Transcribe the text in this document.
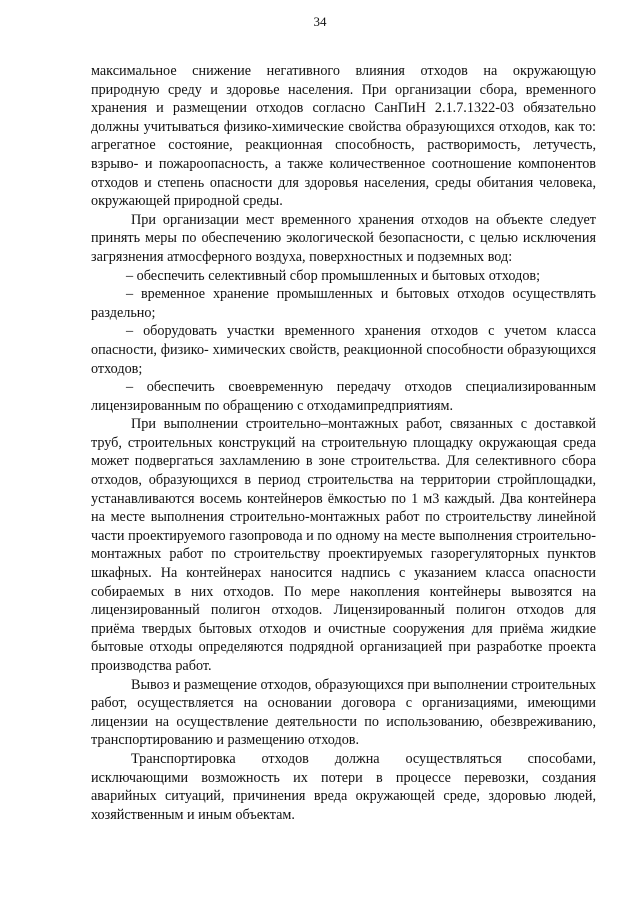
34

максимальное снижение негативного влияния отходов на окружающую природную среду и здоровье населения. При организации сбора, временного хранения и размещении отходов согласно СанПиН 2.1.7.1322-03 обязательно должны учитываться физико-химические свойства образующихся отходов, как то: агрегатное состояние, реакционная способность, растворимость, летучесть, взрыво- и пожароопасность, а также количественное соотношение компонентов отходов и степень опасности для здоровья населения, среды обитания человека, окружающей природной среды.

При организации мест временного хранения отходов на объекте следует принять меры по обеспечению экологической безопасности, с целью исключения загрязнения атмосферного воздуха, поверхностных и подземных вод:

– обеспечить селективный сбор промышленных и бытовых отходов;

– временное хранение промышленных и бытовых отходов осуществлять раздельно;

– оборудовать участки временного хранения отходов с учетом класса опасности, физико- химических свойств, реакционной способности образующихся отходов;

– обеспечить своевременную передачу отходов специализированным лицензированным по обращению с отходамипредприятиям.

При выполнении строительно–монтажных работ, связанных с доставкой труб, строительных конструкций на строительную площадку окружающая среда может подвергаться захламлению в зоне строительства. Для селективного сбора отходов, образующихся в период строительства на территории стройплощадки, устанавливаются восемь контейнеров ёмкостью по 1 м3 каждый. Два контейнера на месте выполнения строительно-монтажных работ по строительству линейной части проектируемого газопровода и по одному на месте выполнения строительно-монтажных работ по строительству проектируемых газорегуляторных пунктов шкафных. На контейнерах наносится надпись с указанием класса опасности собираемых в них отходов. По мере накопления контейнеры вывозятся на лицензированный полигон отходов. Лицензированный полигон отходов для приёма твердых бытовых отходов и очистные сооружения для приёма жидкие бытовые отходы определяются подрядной организацией при разработке проекта производства работ.

Вывоз и размещение отходов, образующихся при выполнении строительных работ, осуществляется на основании договора с организациями, имеющими лицензии на осуществление деятельности по использованию, обезвреживанию, транспортированию и размещению отходов.

Транспортировка отходов должна осуществляться способами, исключающими возможность их потери в процессе перевозки, создания аварийных ситуаций, причинения вреда окружающей среде, здоровью людей, хозяйственным и иным объектам.
